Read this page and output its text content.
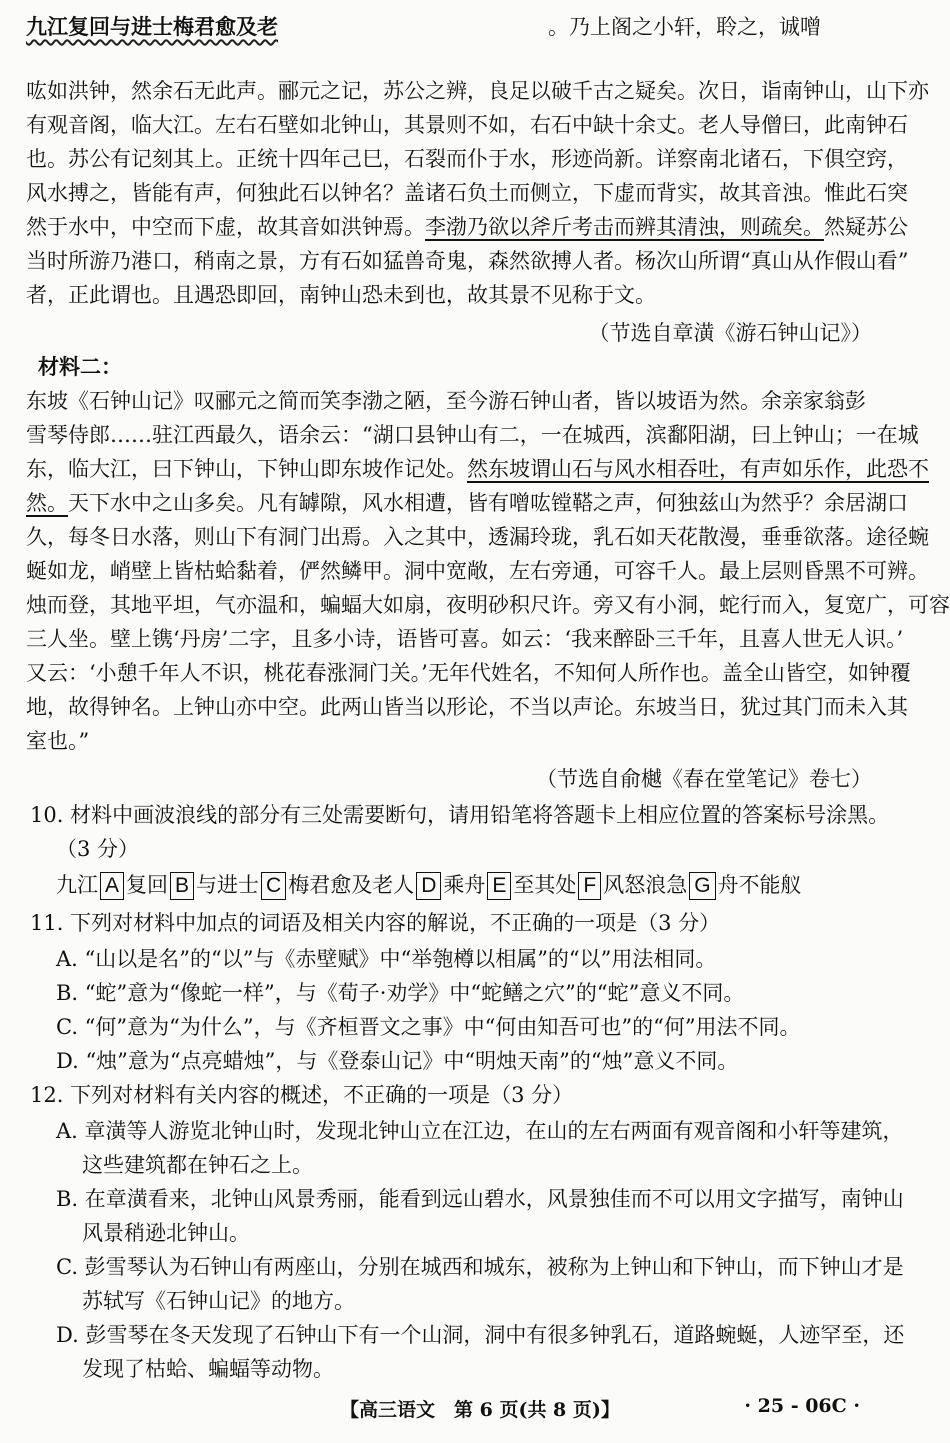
九江复回与进士梅君愈及老	。乃上阁之小轩，聆之，诚噌
吰如洪钟，然余石无此声。郦元之记，苏公之辨，良足以破千古之疑矣。次日，诣南钟山，山下亦
有观音阁，临大江。左右石壁如北钟山，其景则不如，右石中缺十余丈。老人导僧曰，此南钟石
也。苏公有记刻其上。正统十四年己巳，石裂而仆于水，形迹尚新。详察南北诸石，下俱空窍，
风水搏之，皆能有声，何独此石以钟名？盖诸石负土而侧立，下虚而背实，故其音浊。惟此石突
然于水中，中空而下虚，故其音如洪钟焉。李渤乃欲以斧斤考击而辨其清浊，则疏矣。然疑苏公
当时所游乃港口，稍南之景，方有石如猛兽奇鬼，森然欲搏人者。杨次山所谓“真山从作假山看”
者，正此谓也。且遇恐即回，南钟山恐未到也，故其景不见称于文。
（节选自章潢《游石钟山记》）
材料二：
东坡《石钟山记》叹郦元之简而笑李渤之陋，至今游石钟山者，皆以坡语为然。余亲家翁彭
雪琴侍郎……驻江西最久，语余云：“湖口县钟山有二，一在城西，滨鄱阳湖，曰上钟山；一在城
东，临大江，曰下钟山，下钟山即东坡作记处。然东坡谓山石与风水相吞吐，有声如乐作，此恐不
然。天下水中之山多矣。凡有罅隙，风水相遭，皆有噌吰镗鞳之声，何独兹山为然乎？余居湖口
久，每冬日水落，则山下有洞门出焉。入之其中，透漏玲珑，乳石如天花散漫，垂垂欲落。途径蜿
蜒如龙，峭壁上皆枯蛤黏着，俨然鳞甲。洞中宽敞，左右旁通，可容千人。最上层则昏黑不可辨。
烛而登，其地平坦，气亦温和，蝙蝠大如扇，夜明砂积尺许。旁又有小洞，蛇行而入，复宽广，可容
三人坐。壁上镌‘丹房’二字，且多小诗，语皆可喜。如云：‘我来醉卧三千年，且喜人世无人识。’
又云：‘小憩千年人不识，桃花春涨洞门关。’无年代姓名，不知何人所作也。盖全山皆空，如钟覆
地，故得钟名。上钟山亦中空。此两山皆当以形论，不当以声论。东坡当日，犹过其门而未入其
室也。”
（节选自俞樾《春在堂笔记》卷七）
10. 材料中画波浪线的部分有三处需要断句，请用铅笔将答题卡上相应位置的答案标号涂黑。
（3 分）
九江 A 复回 B 与进士 C 梅君愈及老人 D 乘舟 E 至其处 F 风怒浪急 G 舟不能舣
11. 下列对材料中加点的词语及相关内容的解说，不正确的一项是（3 分）
A. “山以是名”的“以”与《赤壁赋》中“举匏樽以相属”的“以”用法相同。
B. “蛇”意为“像蛇一样”，与《荀子·劝学》中“蛇鳝之穴”的“蛇”意义不同。
C. “何”意为“为什么”，与《齐桓晋文之事》中“何由知吾可也”的“何”用法不同。
D. “烛”意为“点亮蜡烛”，与《登泰山记》中“明烛天南”的“烛”意义不同。
12. 下列对材料有关内容的概述，不正确的一项是（3 分）
A. 章潢等人游览北钟山时，发现北钟山立在江边，在山的左右两面有观音阁和小轩等建筑，
这些建筑都在钟石之上。
B. 在章潢看来，北钟山风景秀丽，能看到远山碧水，风景独佳而不可以用文字描写，南钟山
风景稍逊北钟山。
C. 彭雪琴认为石钟山有两座山，分别在城西和城东，被称为上钟山和下钟山，而下钟山才是
苏轼写《石钟山记》的地方。
D. 彭雪琴在冬天发现了石钟山下有一个山洞，洞中有很多钟乳石，道路蜿蜒，人迹罕至，还
发现了枯蛤、蝙蝠等动物。
【高三语文　第 6 页(共 8 页)】	· 25 - 06C ·
